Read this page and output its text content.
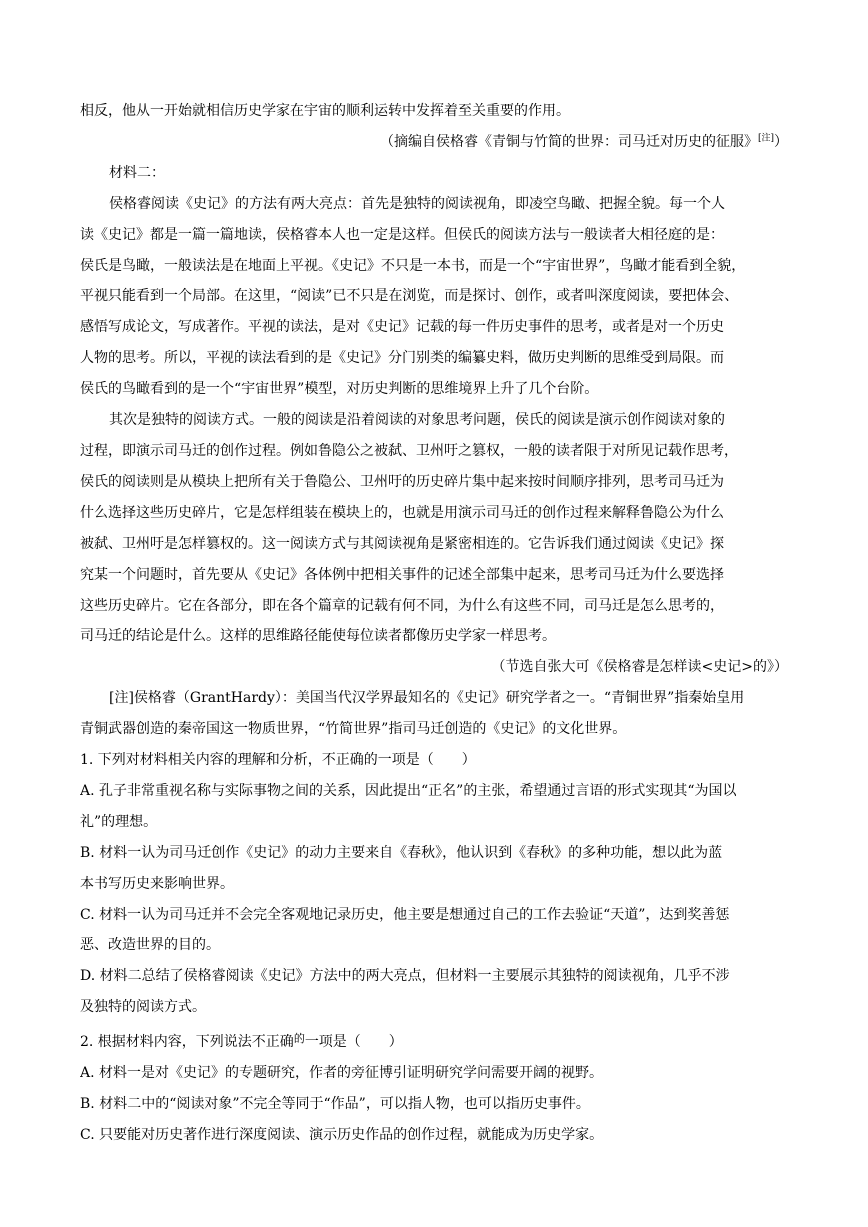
相反，他从一开始就相信历史学家在宇宙的顺利运转中发挥着至关重要的作用。
（摘编自侯格睿《青铜与竹简的世界：司马迁对历史的征服》[注]）
材料二：
侯格睿阅读《史记》的方法有两大亮点：首先是独特的阅读视角，即凌空鸟瞰、把握全貌。每一个人
读《史记》都是一篇一篇地读，侯格睿本人也一定是这样。但侯氏的阅读方法与一般读者大相径庭的是：
侯氏是鸟瞰，一般读法是在地面上平视。《史记》不只是一本书，而是一个“宇宙世界”，鸟瞰才能看到全貌，
平视只能看到一个局部。在这里，“阅读”已不只是在浏览，而是探讨、创作，或者叫深度阅读，要把体会、
感悟写成论文，写成著作。平视的读法，是对《史记》记载的每一件历史事件的思考，或者是对一个历史
人物的思考。所以，平视的读法看到的是《史记》分门别类的编纂史料，做历史判断的思维受到局限。而
侯氏的鸟瞰看到的是一个“宇宙世界”模型，对历史判断的思维境界上升了几个台阶。
其次是独特的阅读方式。一般的阅读是沿着阅读的对象思考问题，侯氏的阅读是演示创作阅读对象的
过程，即演示司马迁的创作过程。例如鲁隐公之被弑、卫州吁之篡权，一般的读者限于对所见记载作思考，
侯氏的阅读则是从模块上把所有关于鲁隐公、卫州吁的历史碎片集中起来按时间顺序排列，思考司马迁为
什么选择这些历史碎片，它是怎样组装在模块上的，也就是用演示司马迁的创作过程来解释鲁隐公为什么
被弑、卫州吁是怎样篡权的。这一阅读方式与其阅读视角是紧密相连的。它告诉我们通过阅读《史记》探
究某一个问题时，首先要从《史记》各体例中把相关事件的记述全部集中起来，思考司马迁为什么要选择
这些历史碎片。它在各部分，即在各个篇章的记载有何不同，为什么有这些不同，司马迁是怎么思考的，
司马迁的结论是什么。这样的思维路径能使每位读者都像历史学家一样思考。
（节选自张大可《侯格睿是怎样读<史记>的》）
[注]侯格睿（GrantHardy）：美国当代汉学界最知名的《史记》研究学者之一。“青铜世界”指秦始皇用
青铜武器创造的秦帝国这一物质世界，“竹简世界”指司马迁创造的《史记》的文化世界。
1. 下列对材料相关内容的理解和分析，不正确的一项是（　　）
A. 孔子非常重视名称与实际事物之间的关系，因此提出“正名”的主张，希望通过言语的形式实现其“为国以
礼”的理想。
B. 材料一认为司马迁创作《史记》的动力主要来自《春秋》，他认识到《春秋》的多种功能，想以此为蓝
本书写历史来影响世界。
C. 材料一认为司马迁并不会完全客观地记录历史，他主要是想通过自己的工作去验证“天道”，达到奖善惩
恶、改造世界的目的。
D. 材料二总结了侯格睿阅读《史记》方法中的两大亮点，但材料一主要展示其独特的阅读视角，几乎不涉
及独特的阅读方式。
2. 根据材料内容，下列说法不正确$^的$一项是（　　）
A. 材料一是对《史记》的专题研究，作者的旁征博引证明研究学问需要开阔的视野。
B. 材料二中的“阅读对象”不完全等同于“作品”，可以指人物，也可以指历史事件。
C. 只要能对历史著作进行深度阅读、演示历史作品的创作过程，就能成为历史学家。
